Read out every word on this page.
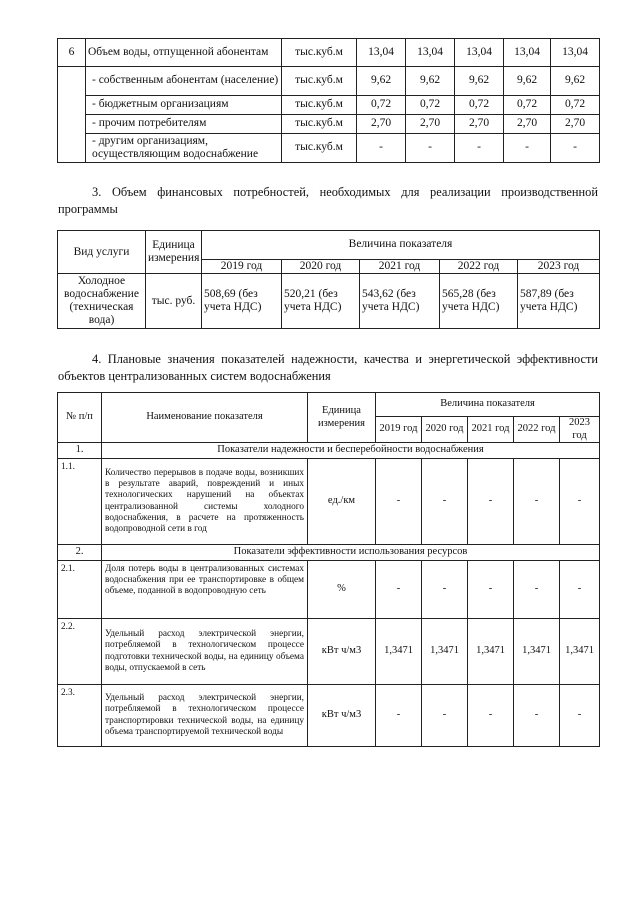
6	Объем воды, отпущенной абонентам	тыс.куб.м	13,04	13,04	13,04	13,04	13,04
	- собственным абонентам (население)	тыс.куб.м	9,62	9,62	9,62	9,62	9,62
	- бюджетным организациям	тыс.куб.м	0,72	0,72	0,72	0,72	0,72
	- прочим потребителям	тыс.куб.м	2,70	2,70	2,70	2,70	2,70
	- другим организациям, осуществляющим водоснабжение	тыс.куб.м	-	-	-	-	-

3. Объем финансовых потребностей, необходимых для реализации производственной программы

Вид услуги	Единица измерения	Величина показателя				
		2019 год	2020 год	2021 год	2022 год	2023 год
Холодное водоснабжение (техническая вода)	тыс. руб.	508,69 (без учета НДС)	520,21 (без учета НДС)	543,62 (без учета НДС)	565,28 (без учета НДС)	587,89 (без учета НДС)

4. Плановые значения показателей надежности, качества и энергетической эффективности объектов централизованных систем водоснабжения

№ п/п	Наименование показателя	Единица измерения	Величина показателя				
			2019 год	2020 год	2021 год	2022 год	2023 год
1.	Показатели надежности и бесперебойности водоснабжения						
1.1.	Количество перерывов в подаче воды, возникших в результате аварий, повреждений и иных технологических нарушений на объектах централизованной системы холодного водоснабжения, в расчете на протяженность водопроводной сети в год	ед./км	-	-	-	-	-
2.	Показатели эффективности использования ресурсов						
2.1.	Доля потерь воды в централизованных системах водоснабжения при ее транспортировке в общем объеме, поданной в водопроводную сеть	%	-	-	-	-	-
2.2.	Удельный расход электрической энергии, потребляемой в технологическом процессе подготовки технической воды, на единицу объема воды, отпускаемой в сеть	кВт ч/м3	1,3471	1,3471	1,3471	1,3471	1,3471
2.3.	Удельный расход электрической энергии, потребляемой в технологическом процессе транспортировки технической воды, на единицу объема транспортируемой технической воды	кВт ч/м3	-	-	-	-	-
